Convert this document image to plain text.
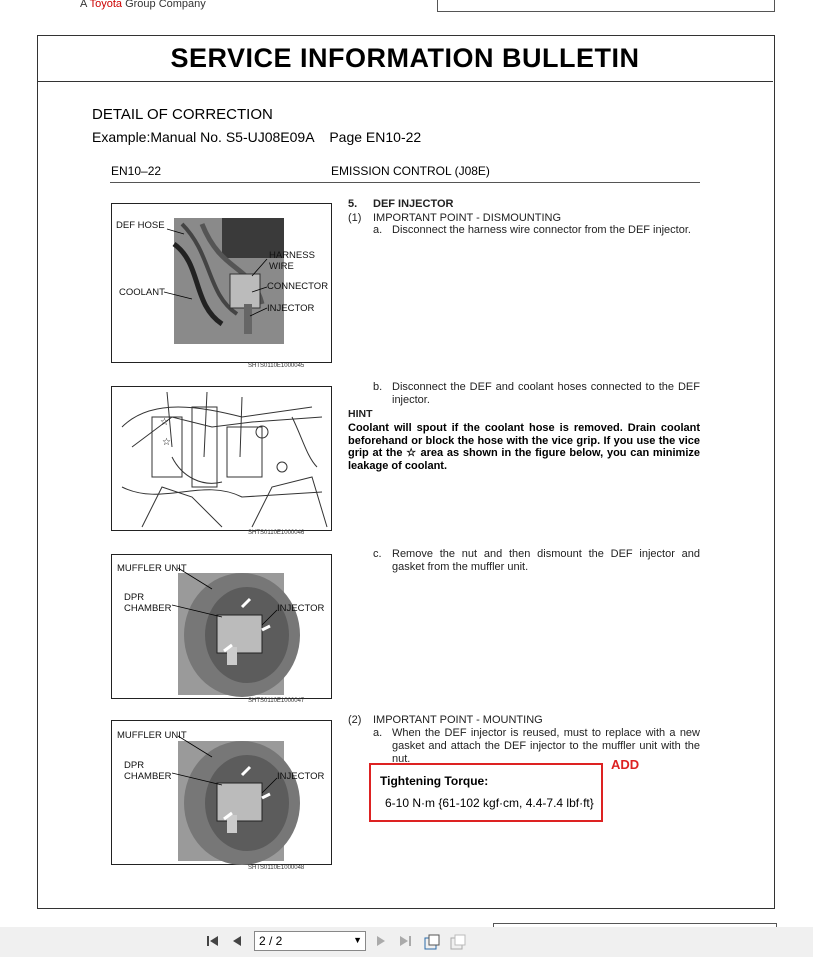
A Toyota Group Company
SERVICE INFORMATION BULLETIN
DETAIL OF CORRECTION
Example:Manual No. S5-UJ08E09A    Page EN10-22
EN10–22	EMISSION CONTROL (J08E)
DEF HOSE
COOLANT
HARNESS
WIRE
CONNECTOR
INJECTOR
SHTS0110E1000045
☆
☆
SHTS0110E1000046
MUFFLER UNIT
DPR
CHAMBER	INJECTOR
SHTS0110E1000047
MUFFLER UNIT
DPR
CHAMBER	INJECTOR
SHTS0110E1000048
5. DEF INJECTOR
(1) IMPORTANT POINT - DISMOUNTING
a. Disconnect the harness wire connector from the DEF injector.
b. Disconnect the DEF and coolant hoses connected to the DEF injector.
HINT
Coolant will spout if the coolant hose is removed. Drain coolant beforehand or block the hose with the vice grip. If you use the vice grip at the ☆ area as shown in the figure below, you can minimize leakage of coolant.
c. Remove the nut and then dismount the DEF injector and gasket from the muffler unit.
(2) IMPORTANT POINT - MOUNTING
a. When the DEF injector is reused, must to replace with a new gasket and attach the DEF injector to the muffler unit with the nut.	ADD
Tightening Torque:
6-10 N·m {61-102 kgf·cm, 4.4-7.4 lbf·ft}
2 / 2	▼
